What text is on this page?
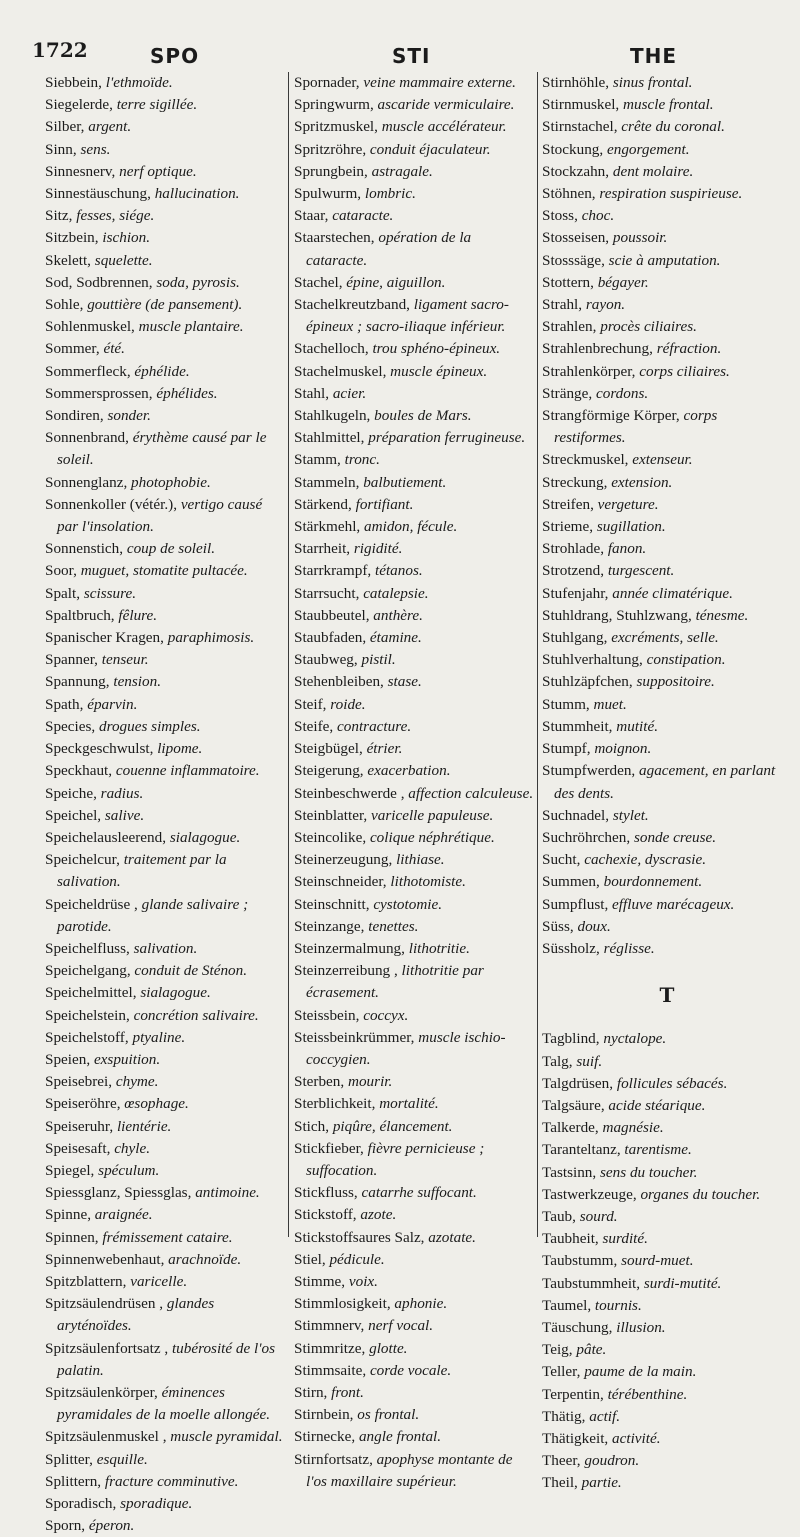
1722	SPO	STI	THE
Siebbein, l'ethmoïde.
Siegelerde, terre sigillée.
Silber, argent.
Sinn, sens.
Sinnesnerv, nerf optique.
Sinnestäuschung, hallucination.
Sitz, fesses, siége.
Sitzbein, ischion.
Skelett, squelette.
Sod, Sodbrennen, soda, pyrosis.
Sohle, gouttière (de pansement).
Sohlenmuskel, muscle plantaire.
Sommer, été.
Sommerfleck, éphélide.
Sommersprossen, éphélides.
Sondiren, sonder.
Sonnenbrand, érythème causé par le soleil.
Sonnenglanz, photophobie.
Sonnenkoller (vétér.), vertigo causé par l'insolation.
Sonnenstich, coup de soleil.
Soor, muguet, stomatite pultacée.
Spalt, scissure.
Spaltbruch, fêlure.
Spanischer Kragen, paraphimosis.
Spanner, tenseur.
Spannung, tension.
Spath, éparvin.
Species, drogues simples.
Speckgeschwulst, lipome.
Speckhaut, couenne inflammatoire.
Speiche, radius.
Speichel, salive.
Speichelausleerend, sialagogue.
Speichelcur, traitement par la salivation.
Speicheldrüse , glande salivaire ; parotide.
Speichelfluss, salivation.
Speichelgang, conduit de Sténon.
Speichelmittel, sialagogue.
Speichelstein, concrétion salivaire.
Speichelstoff, ptyaline.
Speien, exspuition.
Speisebrei, chyme.
Speiseröhre, œsophage.
Speiseruhr, lientérie.
Speisesaft, chyle.
Spiegel, spéculum.
Spiessglanz, Spiessglas, antimoine.
Spinne, araignée.
Spinnen, frémissement cataire.
Spinnenwebenhaut, arachnoïde.
Spitzblattern, varicelle.
Spitzsäulendrüsen , glandes aryténoïdes.
Spitzsäulenfortsatz , tubérosité de l'os palatin.
Spitzsäulenkörper, éminences pyramidales de la moelle allongée.
Spitzsäulenmuskel , muscle pyramidal.
Splitter, esquille.
Splittern, fracture comminutive.
Sporadisch, sporadique.
Sporn, éperon.
Spornader, veine mammaire externe.
Springwurm, ascaride vermiculaire.
Spritzmuskel, muscle accélérateur.
Spritzröhre, conduit éjaculateur.
Sprungbein, astragale.
Spulwurm, lombric.
Staar, cataracte.
Staarstechen, opération de la cataracte.
Stachel, épine, aiguillon.
Stachelkreutzband, ligament sacro-épineux ; sacro-iliaque inférieur.
Stachelloch, trou sphéno-épineux.
Stachelmuskel, muscle épineux.
Stahl, acier.
Stahlkugeln, boules de Mars.
Stahlmittel, préparation ferrugineuse.
Stamm, tronc.
Stammeln, balbutiement.
Stärkend, fortifiant.
Stärkmehl, amidon, fécule.
Starrheit, rigidité.
Starrkrampf, tétanos.
Starrsucht, catalepsie.
Staubbeutel, anthère.
Staubfaden, étamine.
Staubweg, pistil.
Stehenbleiben, stase.
Steif, roide.
Steife, contracture.
Steigbügel, étrier.
Steigerung, exacerbation.
Steinbeschwerde , affection calculeuse.
Steinblatter, varicelle papuleuse.
Steincolike, colique néphrétique.
Steinerzeugung, lithiase.
Steinschneider, lithotomiste.
Steinschnitt, cystotomie.
Steinzange, tenettes.
Steinzermalmung, lithotritie.
Steinzerreibung , lithotritie par écrasement.
Steissbein, coccyx.
Steissbeinkrümmer, muscle ischio-coccygien.
Sterben, mourir.
Sterblichkeit, mortalité.
Stich, piqûre, élancement.
Stickfieber, fièvre pernicieuse ; suffocation.
Stickfluss, catarrhe suffocant.
Stickstoff, azote.
Stickstoffsaures Salz, azotate.
Stiel, pédicule.
Stimme, voix.
Stimmlosigkeit, aphonie.
Stimmnerv, nerf vocal.
Stimmritze, glotte.
Stimmsaite, corde vocale.
Stirn, front.
Stirnbein, os frontal.
Stirnecke, angle frontal.
Stirnfortsatz, apophyse montante de l'os maxillaire supérieur.
Stirnhöhle, sinus frontal.
Stirnmuskel, muscle frontal.
Stirnstachel, crête du coronal.
Stockung, engorgement.
Stockzahn, dent molaire.
Stöhnen, respiration suspirieuse.
Stoss, choc.
Stosseisen, poussoir.
Stosssäge, scie à amputation.
Stottern, bégayer.
Strahl, rayon.
Strahlen, procès ciliaires.
Strahlenbrechung, réfraction.
Strahlenkörper, corps ciliaires.
Stränge, cordons.
Strangförmige Körper, corps restiformes.
Streckmuskel, extenseur.
Streckung, extension.
Streifen, vergeture.
Strieme, sugillation.
Strohlade, fanon.
Strotzend, turgescent.
Stufenjahr, année climatérique.
Stuhldrang, Stuhlzwang, ténesme.
Stuhlgang, excréments, selle.
Stuhlverhaltung, constipation.
Stuhlzäpfchen, suppositoire.
Stumm, muet.
Stummheit, mutité.
Stumpf, moignon.
Stumpfwerden, agacement, en parlant des dents.
Suchnadel, stylet.
Suchröhrchen, sonde creuse.
Sucht, cachexie, dyscrasie.
Summen, bourdonnement.
Sumpflust, effluve marécageux.
Süss, doux.
Süssholz, réglisse.
T
Tagblind, nyctalope.
Talg, suif.
Talgdrüsen, follicules sébacés.
Talgsäure, acide stéarique.
Talkerde, magnésie.
Taranteltanz, tarentisme.
Tastsinn, sens du toucher.
Tastwerkzeuge, organes du toucher.
Taub, sourd.
Taubheit, surdité.
Taubstumm, sourd-muet.
Taubstummheit, surdi-mutité.
Taumel, tournis.
Täuschung, illusion.
Teig, pâte.
Teller, paume de la main.
Terpentin, térébenthine.
Thätig, actif.
Thätigkeit, activité.
Theer, goudron.
Theil, partie.
